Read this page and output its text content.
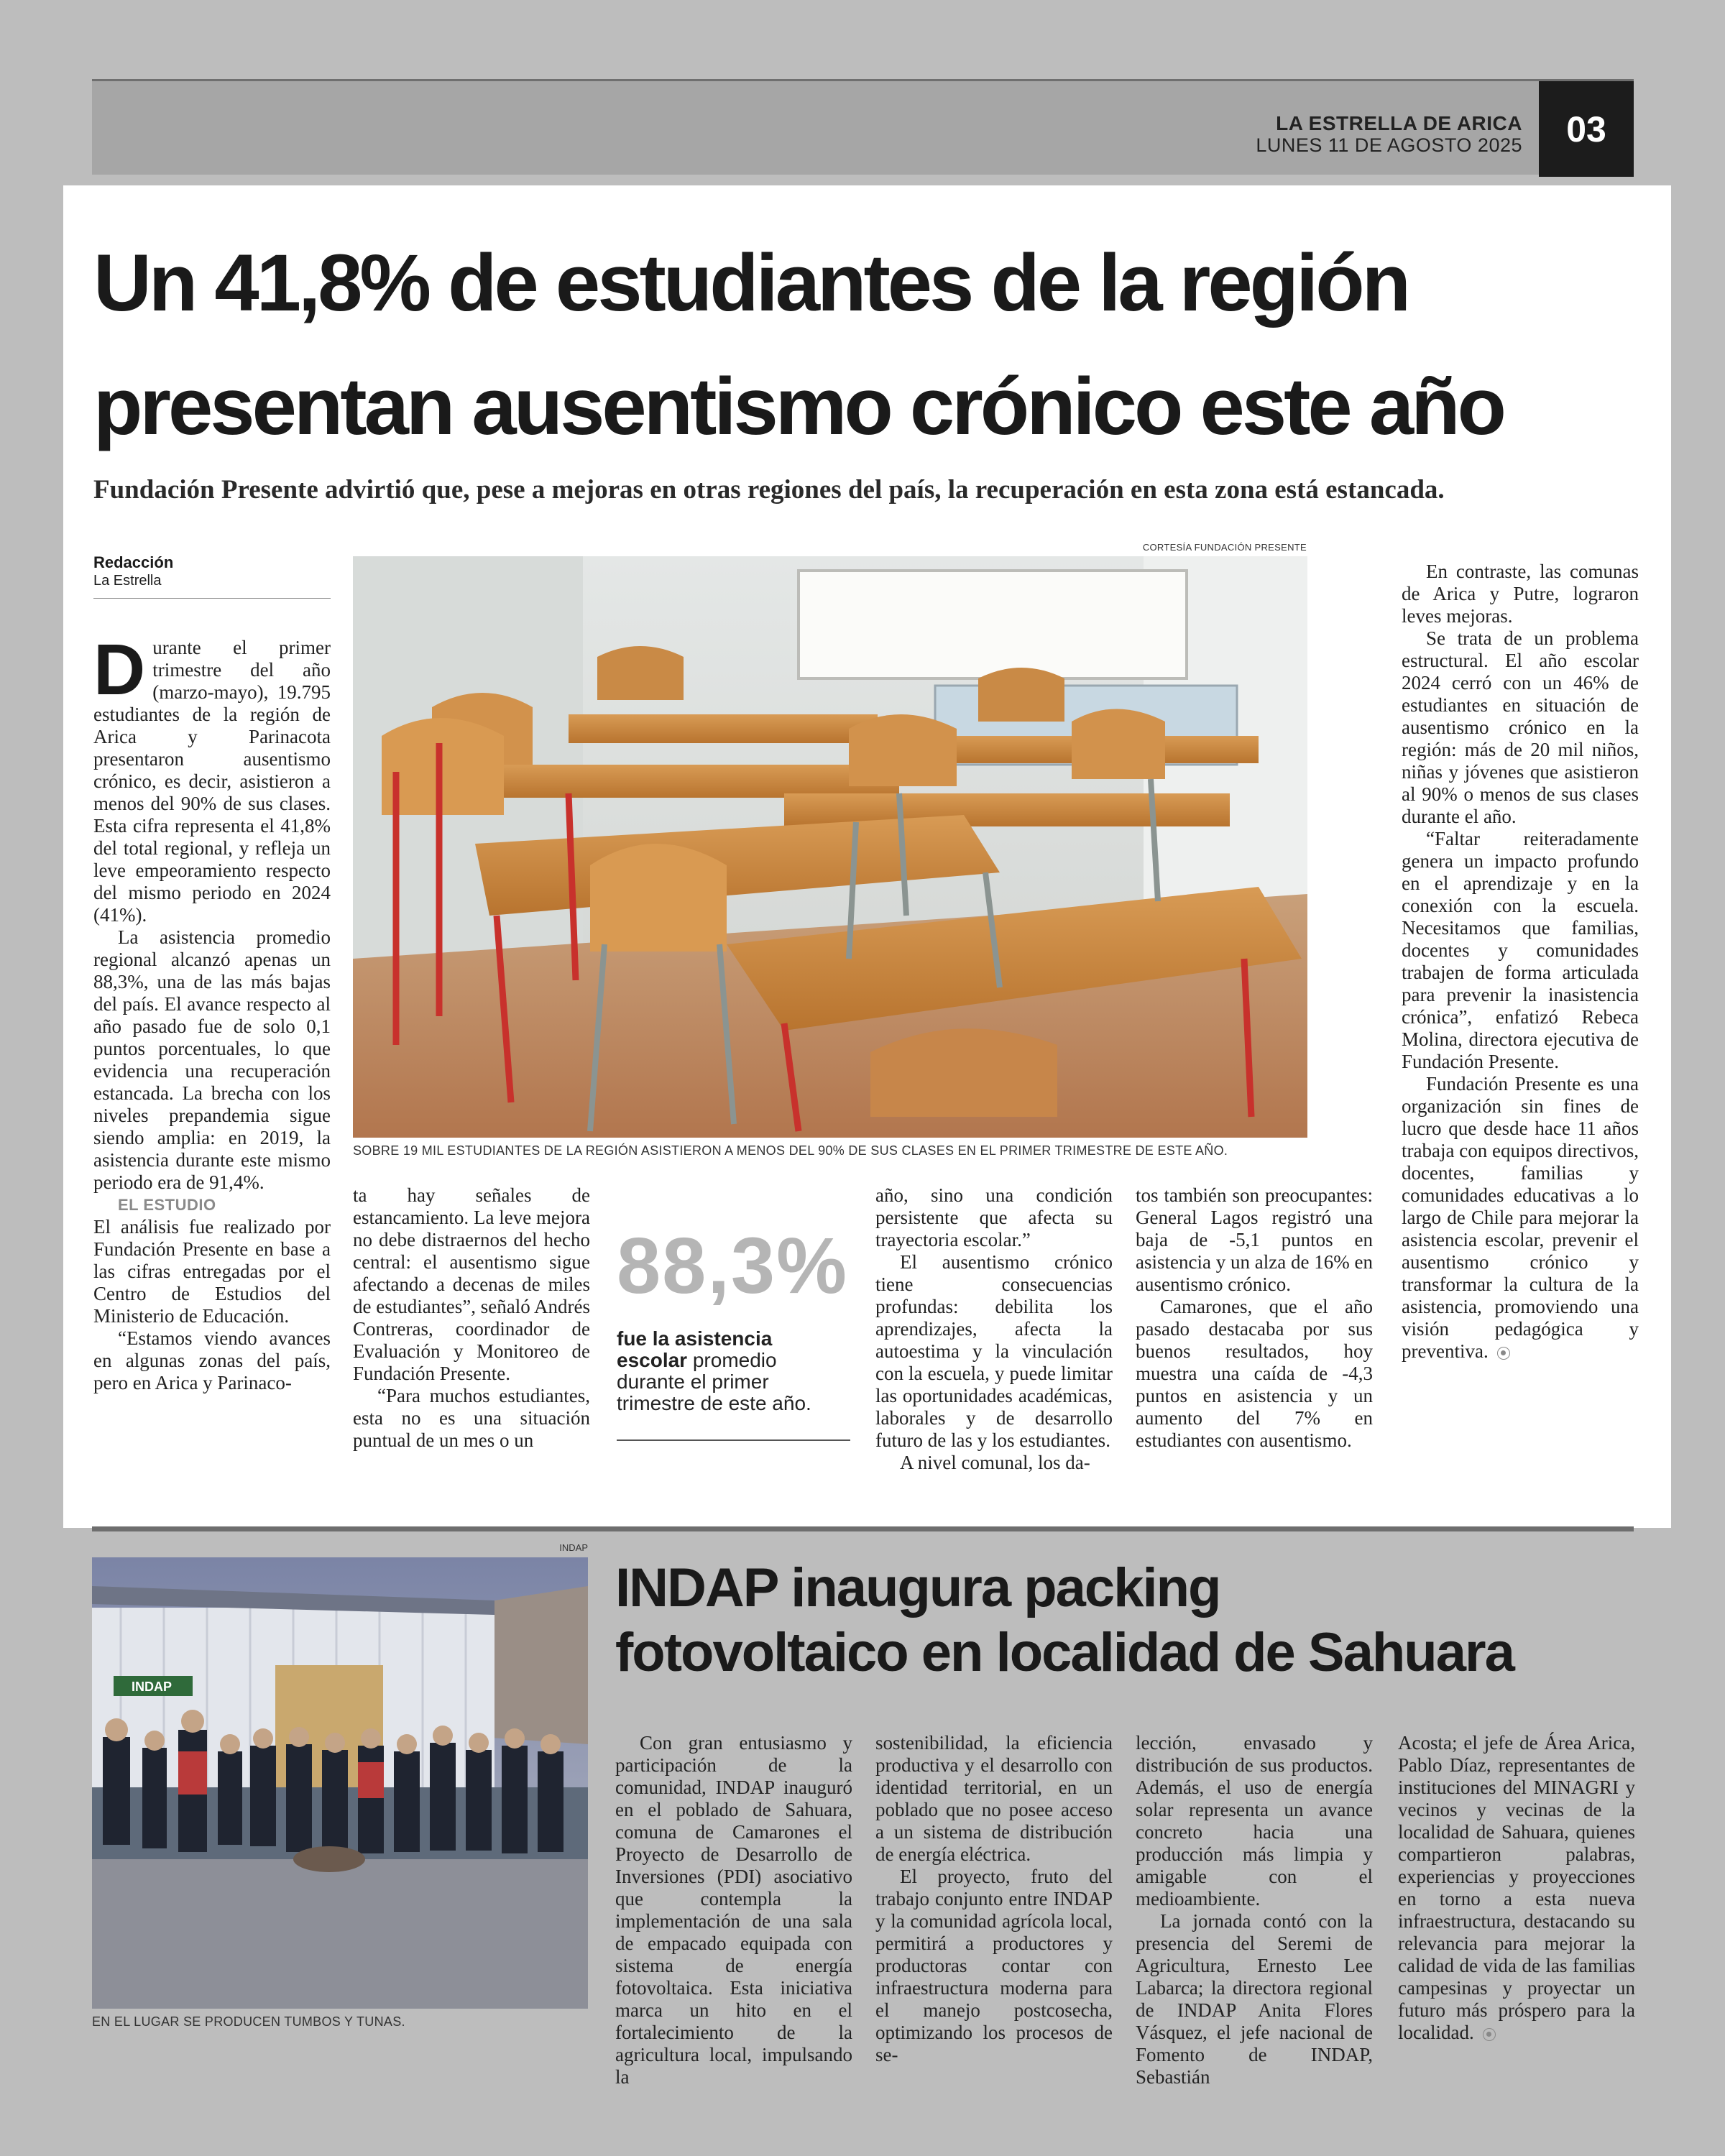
LA ESTRELLA DE ARICA
LUNES 11 DE AGOSTO 2025	03
Un 41,8% de estudiantes de la región
presentan ausentismo crónico este año
Fundación Presente advirtió que, pese a mejoras en otras regiones del país, la recuperación en esta zona está estancada.
Redacción
La Estrella

Durante el primer trimestre del año (marzo-mayo), 19.795 estudiantes de la región de Arica y Parinacota presentaron ausentismo crónico, es decir, asistieron a menos del 90% de sus clases. Esta cifra representa el 41,8% del total regional, y refleja un leve empeoramiento respecto del mismo periodo en 2024 (41%).

La asistencia promedio regional alcanzó apenas un 88,3%, una de las más bajas del país. El avance respecto al año pasado fue de solo 0,1 puntos porcentuales, lo que evidencia una recuperación estancada. La brecha con los niveles prepandemia sigue siendo amplia: en 2019, la asistencia durante este mismo periodo era de 91,4%.

EL ESTUDIO

El análisis fue realizado por Fundación Presente en base a las cifras entregadas por el Centro de Estudios del Ministerio de Educación.

“Estamos viendo avances en algunas zonas del país, pero en Arica y Parinaco-

CORTESÍA FUNDACIÓN PRESENTE
SOBRE 19 MIL ESTUDIANTES DE LA REGIÓN ASISTIERON A MENOS DEL 90% DE SUS CLASES EN EL PRIMER TRIMESTRE DE ESTE AÑO.

ta hay señales de estancamiento. La leve mejora no debe distraernos del hecho central: el ausentismo sigue afectando a decenas de miles de estudiantes”, señaló Andrés Contreras, coordinador de Evaluación y Monitoreo de Fundación Presente.

“Para muchos estudiantes, esta no es una situación puntual de un mes o un

88,3%
fue la asistencia escolar promedio durante el primer trimestre de este año.

año, sino una condición persistente que afecta su trayectoria escolar.”

El ausentismo crónico tiene consecuencias profundas: debilita los aprendizajes, afecta la autoestima y la vinculación con la escuela, y puede limitar las oportunidades académicas, laborales y de desarrollo futuro de las y los estudiantes.

A nivel comunal, los da-

tos también son preocupantes: General Lagos registró una baja de -5,1 puntos en asistencia y un alza de 16% en ausentismo crónico.

Camarones, que el año pasado destacaba por sus buenos resultados, hoy muestra una caída de -4,3 puntos en asistencia y un aumento del 7% en estudiantes con ausentismo.

En contraste, las comunas de Arica y Putre, lograron leves mejoras.

Se trata de un problema estructural. El año escolar 2024 cerró con un 46% de estudiantes en situación de ausentismo crónico en la región: más de 20 mil niños, niñas y jóvenes que asistieron al 90% o menos de sus clases durante el año.

“Faltar reiteradamente genera un impacto profundo en el aprendizaje y en la conexión con la escuela. Necesitamos que familias, docentes y comunidades trabajen de forma articulada para prevenir la inasistencia crónica”, enfatizó Rebeca Molina, directora ejecutiva de Fundación Presente.

Fundación Presente es una organización sin fines de lucro que desde hace 11 años trabaja con equipos directivos, docentes, familias y comunidades educativas a lo largo de Chile para mejorar la asistencia escolar, prevenir el ausentismo crónico y transformar la cultura de la asistencia, promoviendo una visión pedagógica y preventiva.

INDAP
INDAP
EN EL LUGAR SE PRODUCEN TUMBOS Y TUNAS.
INDAP inaugura packing
fotovoltaico en localidad de Sahuara

Con gran entusiasmo y participación de la comunidad, INDAP inauguró en el poblado de Sahuara, comuna de Camarones el Proyecto de Desarrollo de Inversiones (PDI) asociativo que contempla la implementación de una sala de empacado equipada con sistema de energía fotovoltaica. Esta iniciativa marca un hito en el fortalecimiento de la agricultura local, impulsando la

sostenibilidad, la eficiencia productiva y el desarrollo con identidad territorial, en un poblado que no posee acceso a un sistema de distribución de energía eléctrica.

El proyecto, fruto del trabajo conjunto entre INDAP y la comunidad agrícola local, permitirá a productores y productoras contar con infraestructura moderna para el manejo postcosecha, optimizando los procesos de se-

lección, envasado y distribución de sus productos. Además, el uso de energía solar representa un avance concreto hacia una producción más limpia y amigable con el medioambiente.

La jornada contó con la presencia del Seremi de Agricultura, Ernesto Lee Labarca; la directora regional de INDAP Anita Flores Vásquez, el jefe nacional de Fomento de INDAP, Sebastián

Acosta; el jefe de Área Arica, Pablo Díaz, representantes de instituciones del MINAGRI y vecinos y vecinas de la localidad de Sahuara, quienes compartieron palabras, experiencias y proyecciones en torno a esta nueva infraestructura, destacando su relevancia para mejorar la calidad de vida de las familias campesinas y proyectar un futuro más próspero para la localidad.
